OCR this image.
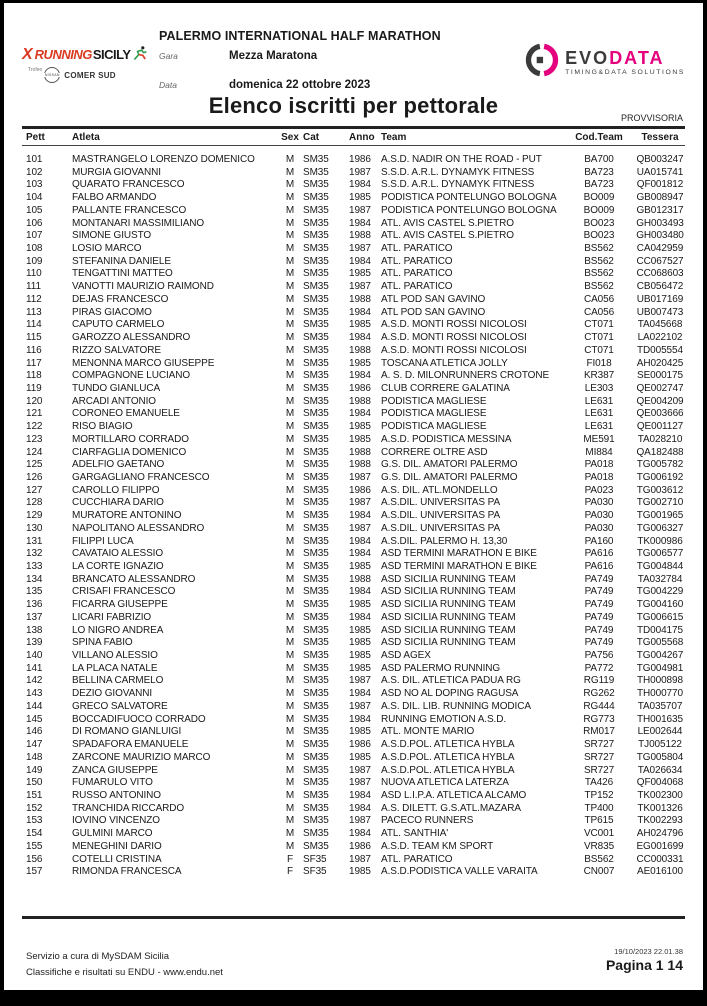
X RUNNING SICILY
Trofeo
NISSAN COMER SUD
PALERMO INTERNATIONAL HALF MARATHON
Gara	Mezza Maratona
Data	domenica 22 ottobre 2023
EVODATA
TIMING&DATA SOLUTIONS
Elenco iscritti per pettorale	PROVVISORIA
Pett	Atleta	Sex Cat	Anno Team	Cod.Team	Tessera
101	MASTRANGELO LORENZO DOMENICO	M SM35	1986	A.S.D. NADIR ON THE ROAD - PUT	BA700	QB003247
102	MURGIA GIOVANNI	M SM35	1987	S.S.D. A.R.L. DYNAMYK FITNESS	BA723	UA015741
103	QUARATO FRANCESCO	M SM35	1984	S.S.D. A.R.L. DYNAMYK FITNESS	BA723	QF001812
104	FALBO ARMANDO	M SM35	1985	PODISTICA PONTELUNGO BOLOGNA	BO009	GB008947
105	PALLANTE FRANCESCO	M SM35	1987	PODISTICA PONTELUNGO BOLOGNA	BO009	GB012317
106	MONTANARI MASSIMILIANO	M SM35	1984	ATL. AVIS CASTEL S.PIETRO	BO023	GH003493
107	SIMONE GIUSTO	M SM35	1988	ATL. AVIS CASTEL S.PIETRO	BO023	GH003480
108	LOSIO MARCO	M SM35	1987	ATL. PARATICO	BS562	CA042959
109	STEFANINA DANIELE	M SM35	1984	ATL. PARATICO	BS562	CC067527
110	TENGATTINI MATTEO	M SM35	1985	ATL. PARATICO	BS562	CC068603
111	VANOTTI MAURIZIO RAIMOND	M SM35	1987	ATL. PARATICO	BS562	CB056472
112	DEJAS FRANCESCO	M SM35	1988	ATL POD SAN GAVINO	CA056	UB017169
113	PIRAS GIACOMO	M SM35	1984	ATL POD SAN GAVINO	CA056	UB007473
114	CAPUTO CARMELO	M SM35	1985	A.S.D. MONTI ROSSI NICOLOSI	CT071	TA045668
115	GAROZZO ALESSANDRO	M SM35	1984	A.S.D. MONTI ROSSI NICOLOSI	CT071	LA022102
116	RIZZO SALVATORE	M SM35	1988	A.S.D. MONTI ROSSI NICOLOSI	CT071	TD005554
117	MENONNA MARCO GIUSEPPE	M SM35	1985	TOSCANA ATLETICA JOLLY	FI018	AH020425
118	COMPAGNONE LUCIANO	M SM35	1984	A. S. D. MILONRUNNERS CROTONE	KR387	SE000175
119	TUNDO GIANLUCA	M SM35	1986	CLUB CORRERE GALATINA	LE303	QE002747
120	ARCADI ANTONIO	M SM35	1988	PODISTICA MAGLIESE	LE631	QE004209
121	CORONEO EMANUELE	M SM35	1984	PODISTICA MAGLIESE	LE631	QE003666
122	RISO BIAGIO	M SM35	1985	PODISTICA MAGLIESE	LE631	QE001127
123	MORTILLARO CORRADO	M SM35	1985	A.S.D. PODISTICA MESSINA	ME591	TA028210
124	CIARFAGLIA DOMENICO	M SM35	1988	CORRERE OLTRE ASD	MI884	QA182488
125	ADELFIO GAETANO	M SM35	1988	G.S. DIL. AMATORI PALERMO	PA018	TG005782
126	GARGAGLIANO FRANCESCO	M SM35	1987	G.S. DIL. AMATORI PALERMO	PA018	TG006192
127	CAROLLO FILIPPO	M SM35	1986	A.S. DIL. ATL.MONDELLO	PA023	TG003612
128	CUCCHIARA DARIO	M SM35	1987	A.S.DIL. UNIVERSITAS PA	PA030	TG002710
129	MURATORE ANTONINO	M SM35	1984	A.S.DIL. UNIVERSITAS PA	PA030	TG001965
130	NAPOLITANO ALESSANDRO	M SM35	1987	A.S.DIL. UNIVERSITAS PA	PA030	TG006327
131	FILIPPI LUCA	M SM35	1984	A.S.DIL. PALERMO H. 13,30	PA160	TK000986
132	CAVATAIO ALESSIO	M SM35	1984	ASD TERMINI MARATHON E BIKE	PA616	TG006577
133	LA CORTE IGNAZIO	M SM35	1985	ASD TERMINI MARATHON E BIKE	PA616	TG004844
134	BRANCATO ALESSANDRO	M SM35	1988	ASD SICILIA RUNNING TEAM	PA749	TA032784
135	CRISAFI FRANCESCO	M SM35	1984	ASD SICILIA RUNNING TEAM	PA749	TG004229
136	FICARRA GIUSEPPE	M SM35	1985	ASD SICILIA RUNNING TEAM	PA749	TG004160
137	LICARI FABRIZIO	M SM35	1984	ASD SICILIA RUNNING TEAM	PA749	TG006615
138	LO NIGRO ANDREA	M SM35	1985	ASD SICILIA RUNNING TEAM	PA749	TD004175
139	SPINA FABIO	M SM35	1985	ASD SICILIA RUNNING TEAM	PA749	TG005568
140	VILLANO ALESSIO	M SM35	1985	ASD AGEX	PA756	TG004267
141	LA PLACA NATALE	M SM35	1985	ASD PALERMO RUNNING	PA772	TG004981
142	BELLINA CARMELO	M SM35	1987	A.S. DIL. ATLETICA PADUA RG	RG119	TH000898
143	DEZIO GIOVANNI	M SM35	1984	ASD NO AL DOPING RAGUSA	RG262	TH000770
144	GRECO SALVATORE	M SM35	1987	A.S. DIL. LIB. RUNNING MODICA	RG444	TA035707
145	BOCCADIFUOCO CORRADO	M SM35	1984	RUNNING EMOTION A.S.D.	RG773	TH001635
146	DI ROMANO GIANLUIGI	M SM35	1985	ATL. MONTE MARIO	RM017	LE002644
147	SPADAFORA EMANUELE	M SM35	1986	A.S.D.POL. ATLETICA HYBLA	SR727	TJ005122
148	ZARCONE MAURIZIO MARCO	M SM35	1985	A.S.D.POL. ATLETICA HYBLA	SR727	TG005804
149	ZANCA GIUSEPPE	M SM35	1987	A.S.D.POL. ATLETICA HYBLA	SR727	TA026634
150	FUMARULO VITO	M SM35	1987	NUOVA ATLETICA LATERZA	TA426	QF004068
151	RUSSO ANTONINO	M SM35	1984	ASD L.I.P.A. ATLETICA ALCAMO	TP152	TK002300
152	TRANCHIDA RICCARDO	M SM35	1984	A.S. DILETT. G.S.ATL.MAZARA	TP400	TK001326
153	IOVINO VINCENZO	M SM35	1987	PACECO RUNNERS	TP615	TK002293
154	GULMINI MARCO	M SM35	1984	ATL. SANTHIA'	VC001	AH024796
155	MENEGHINI DARIO	M SM35	1986	A.S.D. TEAM KM SPORT	VR835	EG001699
156	COTELLI CRISTINA	F	SF35	1987	ATL. PARATICO	BS562	CC000331
157	RIMONDA FRANCESCA	F	SF35	1985	A.S.D.PODISTICA VALLE VARAITA	CN007	AE016100
Servizio a cura di MySDAM Sicilia
Classifiche e risultati su ENDU - www.endu.net
19/10/2023 22.01.38
Pagina 1 14
